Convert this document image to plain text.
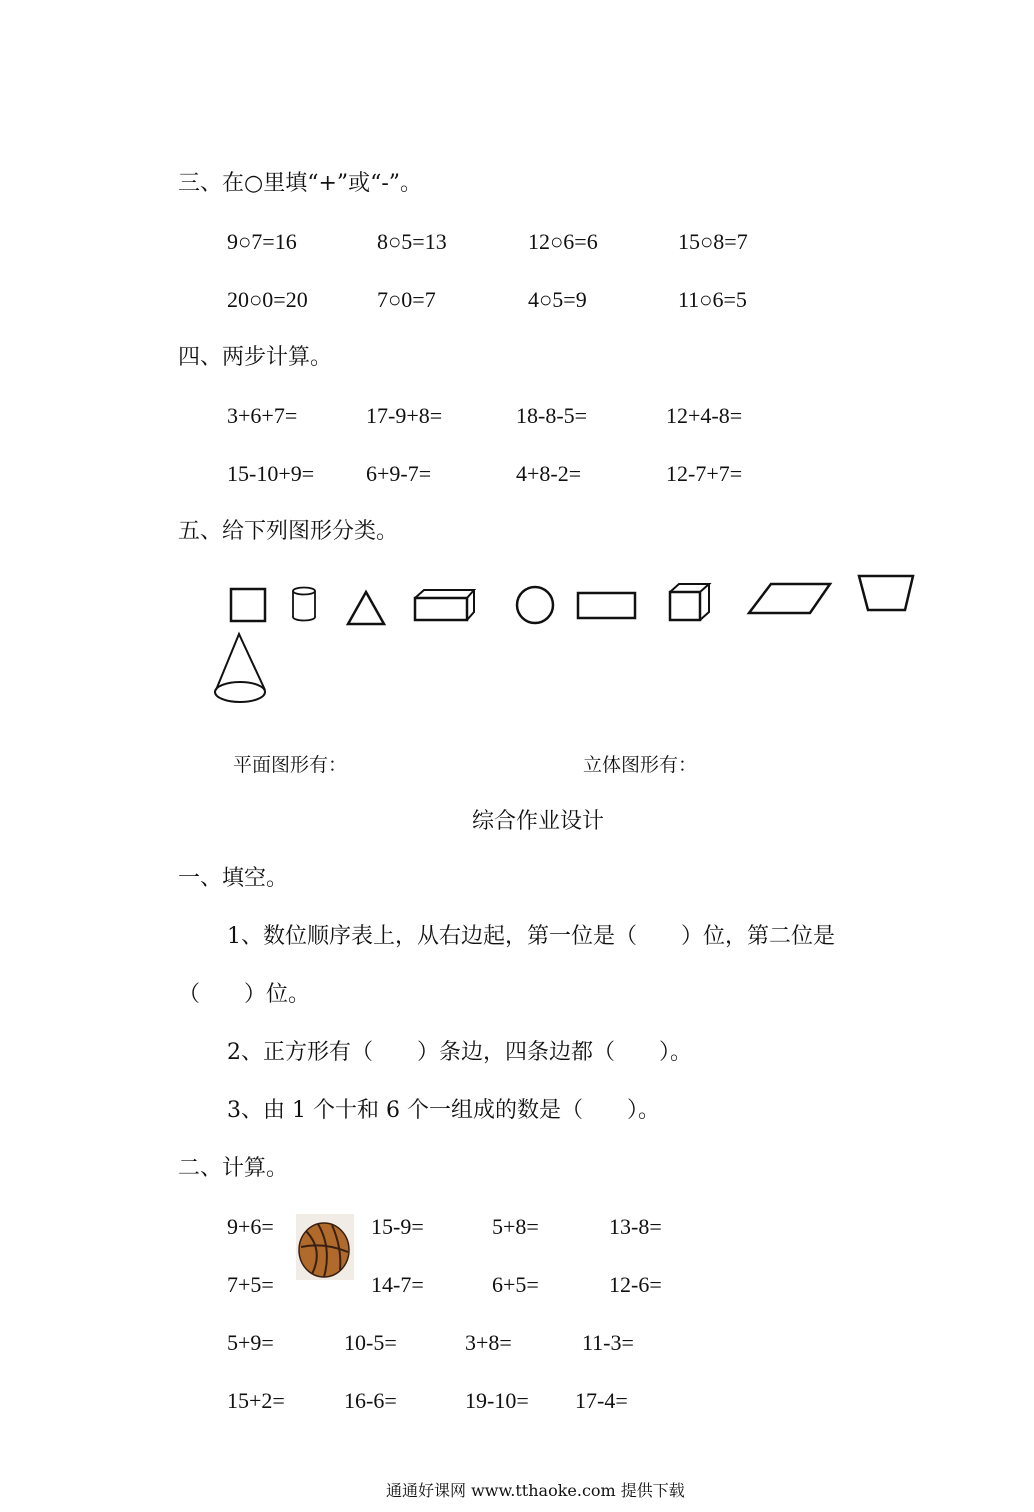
三、在○里填“+”或“-”。
9○7=16	8○5=13	12○6=6	15○8=7
20○0=20	7○0=7	4○5=9	11○6=5
四、两步计算。
3+6+7=	17-9+8=	18-8-5=	12+4-8=
15-10+9= 6+9-7=	4+8-2=	12-7+7=
五、给下列图形分类。
平面图形有：	立体图形有：
综合作业设计
一、填空。
1、数位顺序表上，从右边起，第一位是（　　）位，第二位是
（　　）位。
2、正方形有（　　）条边，四条边都（　　）。
3、由 1 个十和 6 个一组成的数是（　　）。
二、计算。
9+6=	15-9=	5+8=	13-8=
7+5=	14-7=	6+5=	12-6=
5+9=	10-5=	3+8=	11-3=
15+2=	16-6=	19-10= 17-4=
通通好课网 www.tthaoke.com 提供下载
